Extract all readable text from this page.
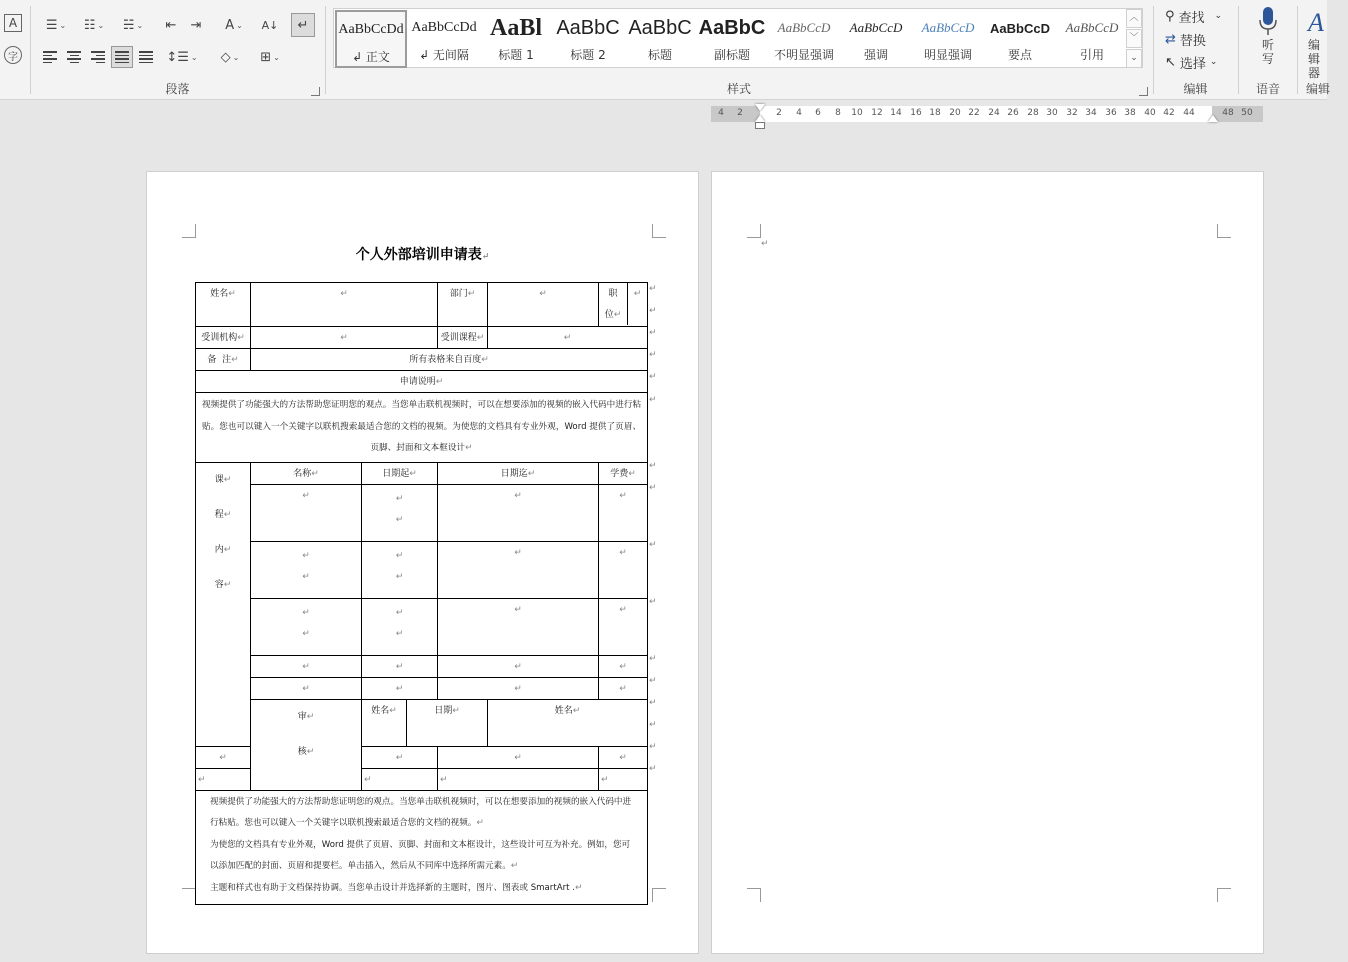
A
字
☰ ⌄ ☷ ⌄ ☵ ⌄ ⇤ ⇥ A ⌄ A↓ ↵
↕☰ ⌄ ◇ ⌄ ⊞ ⌄
段落	样式
AaBbCcDd
↲ 正文
AaBbCcDd
↲ 无间隔
AaBl
标题 1
AaBbC
标题 2
AaBbC
标题
AaBbC
副标题
AaBbCcD
不明显强调
AaBbCcD
强调
AaBbCcD
明显强调
AaBbCcD
要点
AaBbCcD
引用
︿
﹀
⌄
编辑
⚲ 查找 ⌄
⇄ 替换
↖ 选择 ⌄
听写
语音
A
编辑器
编辑
4	2	2	4	6	8	10 12 14 16 18 20 22 24 26 28 30 32 34 36 38 40 42 44	48 50
个人外部培训申请表↵
姓名↵	↵			部门↵	↵	职
位↵
↵	

受训机构↵	↵			受训课程↵	↵		
备  注↵	所有表格来自百度↵						
申请说明↵							
视频提供了功能强大的方法帮助您证明您的观点。当您单击联机视频时，可以在想要添加的视频的嵌入代码中进行粘贴。您也可以键入一个关键字以联机搜索最适合您的文档的视频。为使您的文档具有专业外观，Word 提供了页眉、页脚、封面和文本框设计↵							
课↵
程↵
内↵
容↵	名称↵	日期起↵		日期迄↵		学费↵	
	↵	↵
↵		↵		↵	
	↵
↵	↵
↵		↵		↵	
	↵
↵	↵
↵		↵		↵	
	↵	↵		↵		↵	
	↵	↵		↵		↵	
	审↵
核↵	姓名↵	日期↵		姓名↵	
↵		↵		↵		↵	
↵		↵		↵		↵	

视频提供了功能强大的方法帮助您证明您的观点。当您单击联机视频时，可以在想要添加的视频的嵌入代码中进行粘贴。您也可以键入一个关键字以联机搜索最适合您的文档的视频。↵
为使您的文档具有专业外观，Word 提供了页眉、页脚、封面和文本框设计，这些设计可互为补充。例如，您可以添加匹配的封面、页眉和提要栏。单击插入，然后从不同库中选择所需元素。↵
主题和样式也有助于文档保持协调。当您单击设计并选择新的主题时，图片、图表或 SmartArt .↵							
↵
↵
↵
↵
↵
↵
↵
↵
↵
↵
↵
↵
↵
↵
↵
↵
↵
